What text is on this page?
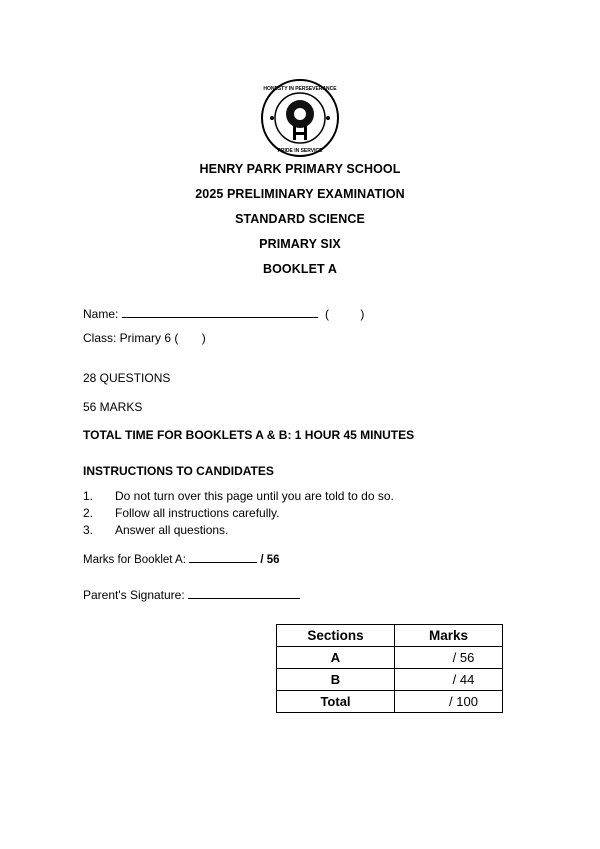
HONESTY IN PERSEVERANCE
PRIDE IN SERVICE
HENRY PARK PRIMARY SCHOOL
2025 PRELIMINARY EXAMINATION
STANDARD SCIENCE
PRIMARY SIX
BOOKLET A
Name:	(	)
Class: Primary 6 ( )
28 QUESTIONS
56 MARKS
TOTAL TIME FOR BOOKLETS A & B: 1 HOUR 45 MINUTES
INSTRUCTIONS TO CANDIDATES
1. Do not turn over this page until you are told to do so.
2. Follow all instructions carefully.
3. Answer all questions.
Marks for Booklet A:	/ 56
Parent's Signature:
Sections	Marks
A	/ 56
B	/ 44
Total	/ 100
